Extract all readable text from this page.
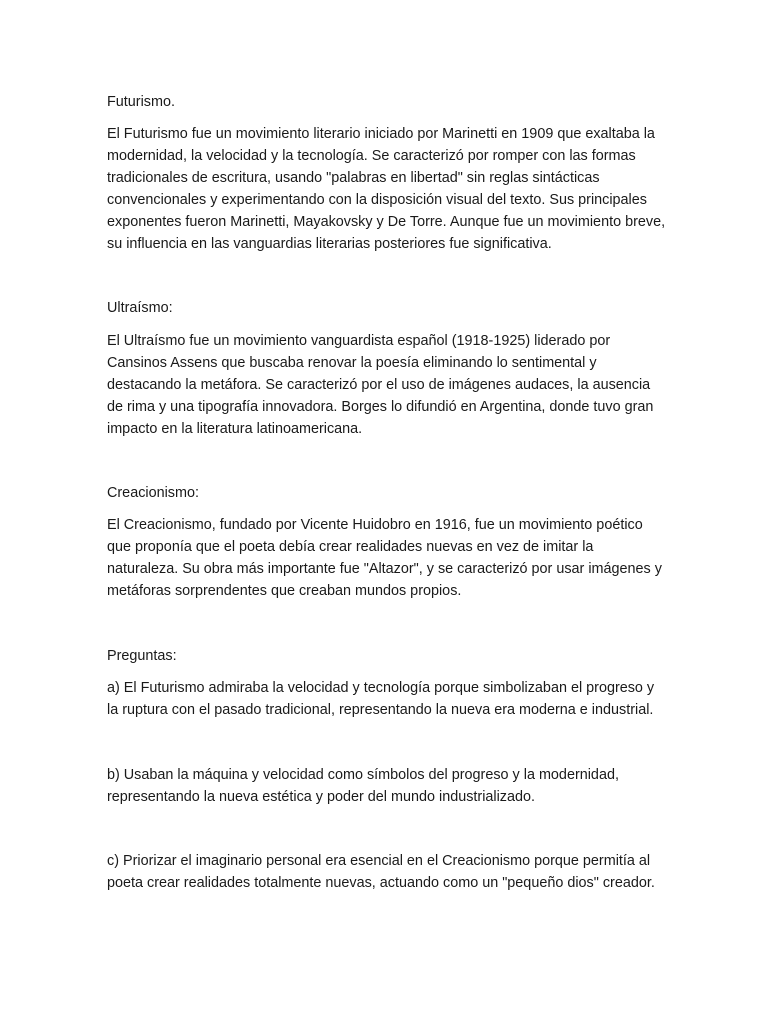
Futurismo.

El Futurismo fue un movimiento literario iniciado por Marinetti en 1909 que exaltaba la modernidad, la velocidad y la tecnología. Se caracterizó por romper con las formas tradicionales de escritura, usando "palabras en libertad" sin reglas sintácticas convencionales y experimentando con la disposición visual del texto. Sus principales exponentes fueron Marinetti, Mayakovsky y De Torre. Aunque fue un movimiento breve, su influencia en las vanguardias literarias posteriores fue significativa.

Ultraísmo:

El Ultraísmo fue un movimiento vanguardista español (1918-1925) liderado por Cansinos Assens que buscaba renovar la poesía eliminando lo sentimental y destacando la metáfora. Se caracterizó por el uso de imágenes audaces, la ausencia de rima y una tipografía innovadora. Borges lo difundió en Argentina, donde tuvo gran impacto en la literatura latinoamericana.

Creacionismo:

El Creacionismo, fundado por Vicente Huidobro en 1916, fue un movimiento poético que proponía que el poeta debía crear realidades nuevas en vez de imitar la naturaleza. Su obra más importante fue "Altazor", y se caracterizó por usar imágenes y metáforas sorprendentes que creaban mundos propios.

Preguntas:

a) El Futurismo admiraba la velocidad y tecnología porque simbolizaban el progreso y la ruptura con el pasado tradicional, representando la nueva era moderna e industrial.

b) Usaban la máquina y velocidad como símbolos del progreso y la modernidad, representando la nueva estética y poder del mundo industrializado.

c) Priorizar el imaginario personal era esencial en el Creacionismo porque permitía al poeta crear realidades totalmente nuevas, actuando como un "pequeño dios" creador.
